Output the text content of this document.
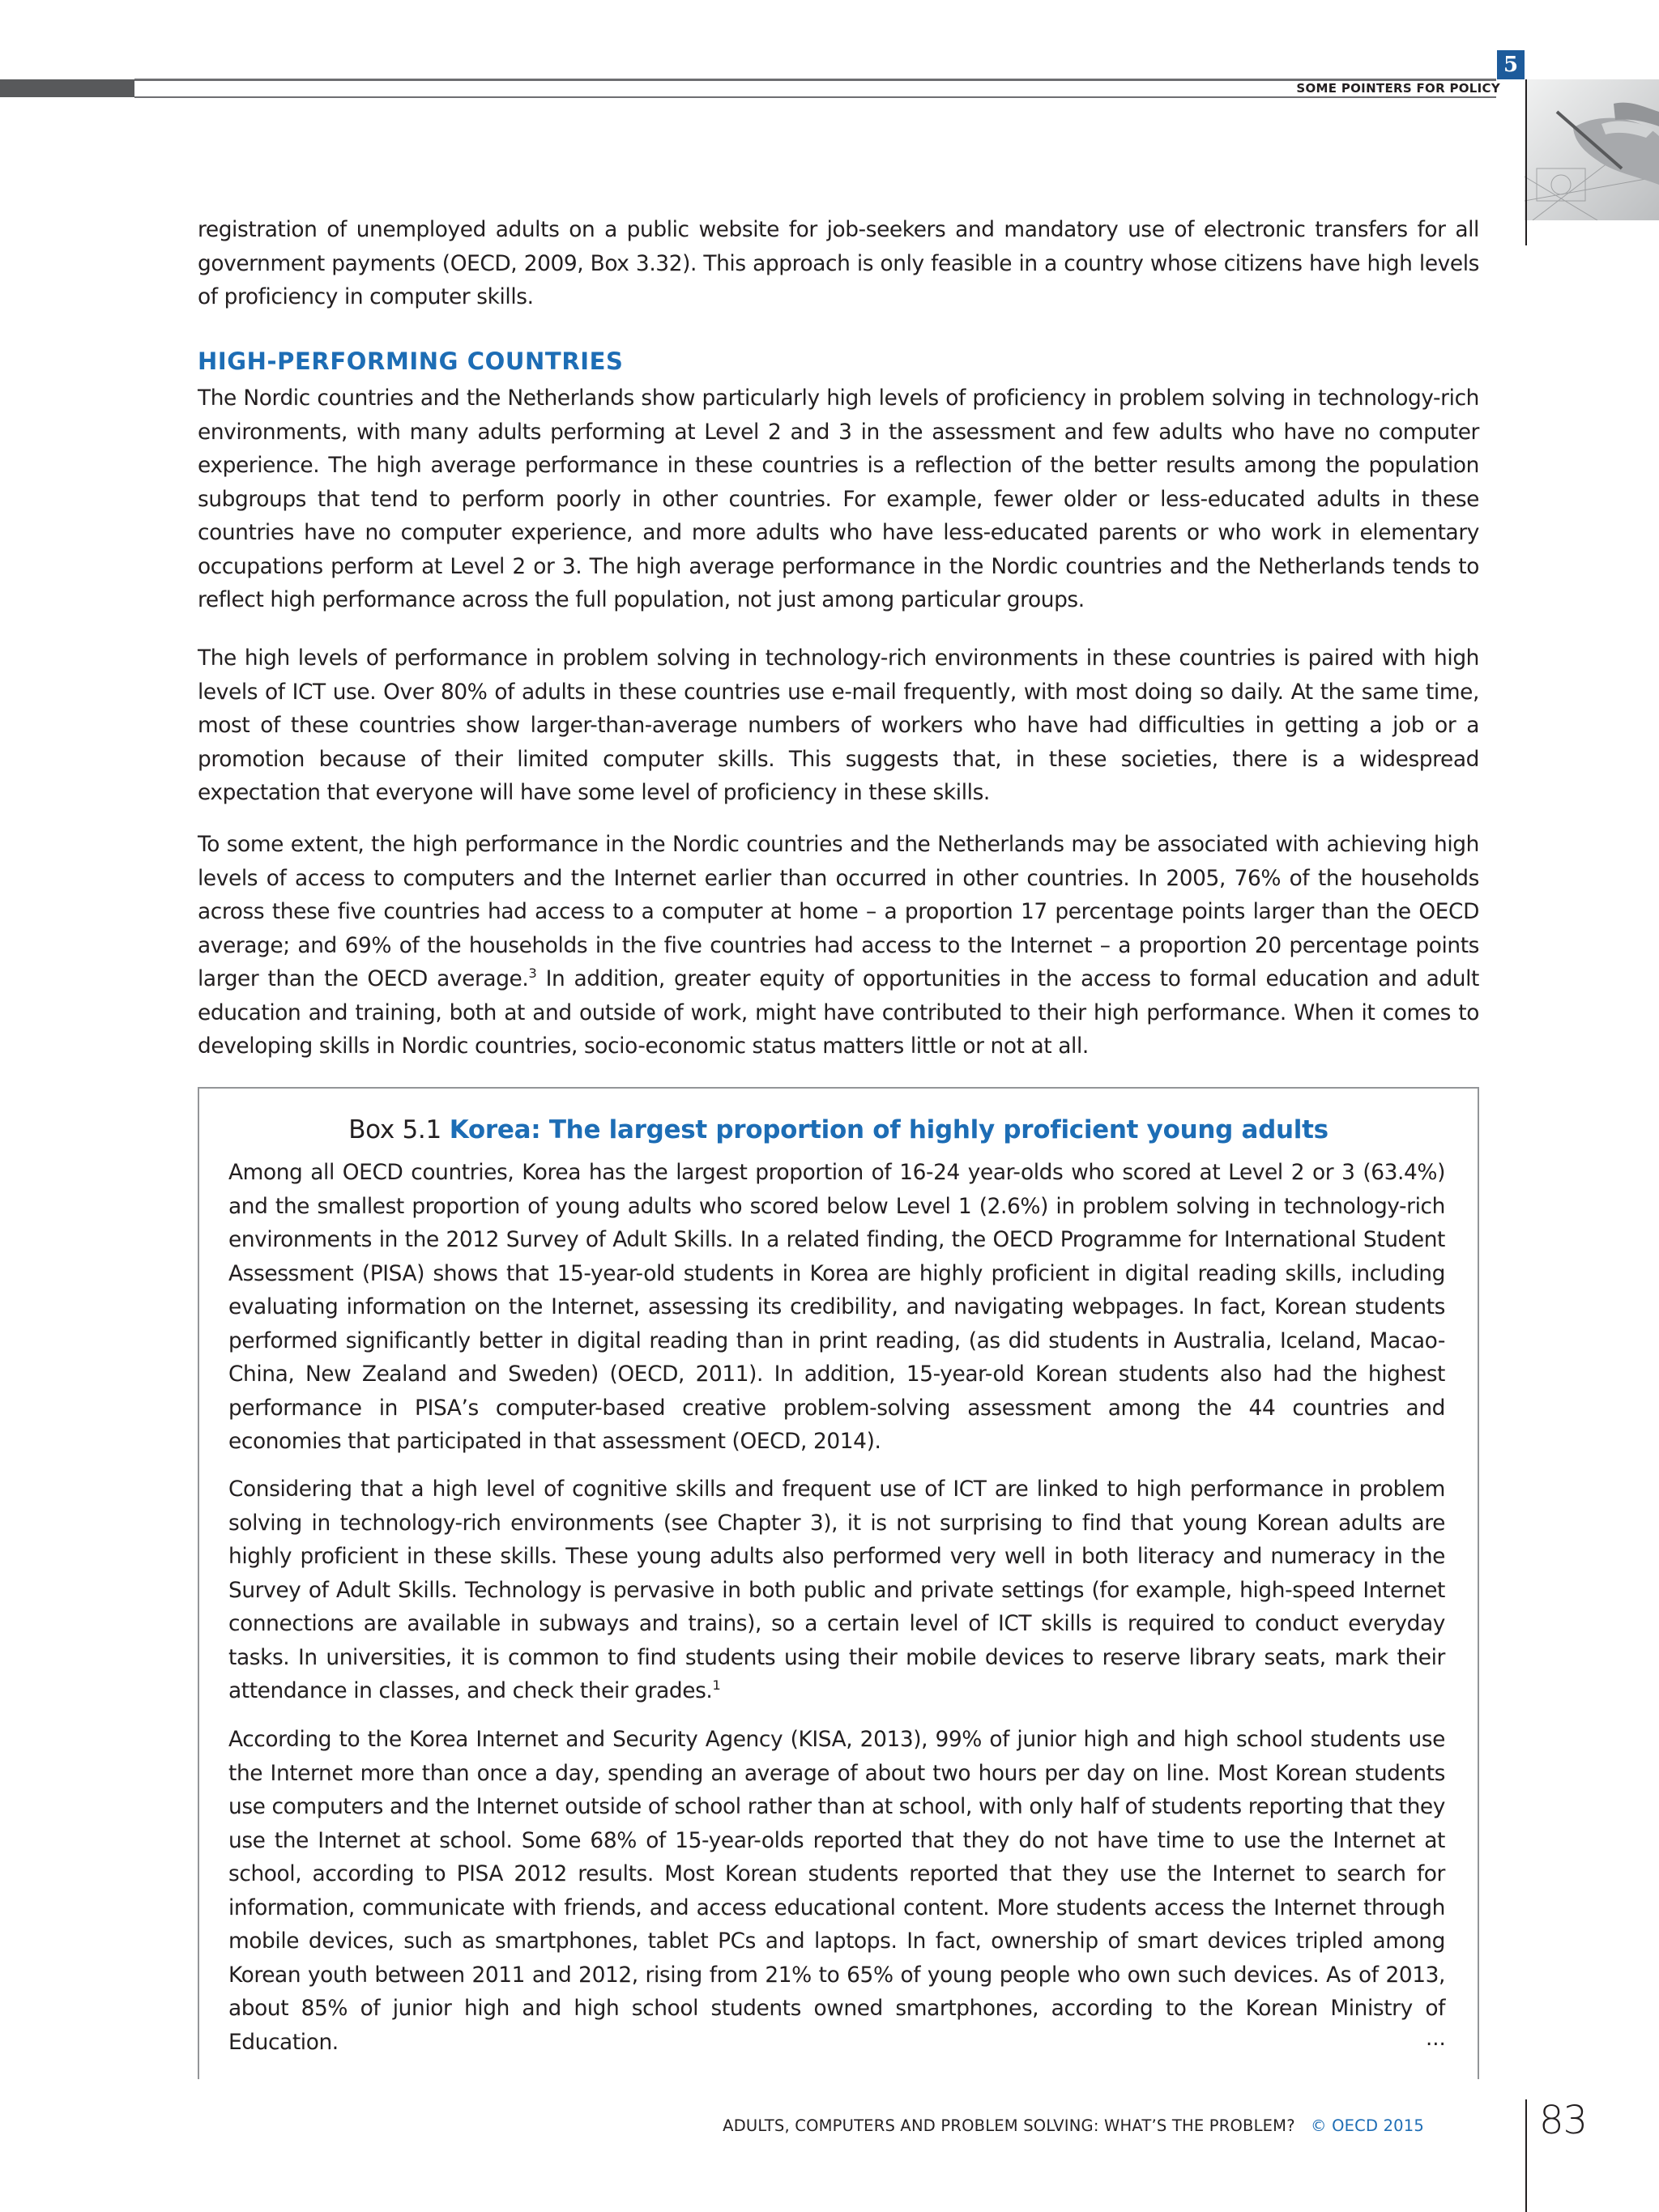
5
SOME POINTERS FOR POLICY

registration of unemployed adults on a public website for job-seekers and mandatory use of electronic transfers for all government payments (OECD, 2009, Box 3.32). This approach is only feasible in a country whose citizens have high levels of proficiency in computer skills.

HIGH-PERFORMING COUNTRIES

The Nordic countries and the Netherlands show particularly high levels of proficiency in problem solving in technology-rich environments, with many adults performing at Level 2 and 3 in the assessment and few adults who have no computer experience. The high average performance in these countries is a reflection of the better results among the population subgroups that tend to perform poorly in other countries. For example, fewer older or less-educated adults in these countries have no computer experience, and more adults who have less-educated parents or who work in elementary occupations perform at Level 2 or 3. The high average performance in the Nordic countries and the Netherlands tends to reflect high performance across the full population, not just among particular groups.

The high levels of performance in problem solving in technology-rich environments in these countries is paired with high levels of ICT use. Over 80% of adults in these countries use e-mail frequently, with most doing so daily. At the same time, most of these countries show larger-than-average numbers of workers who have had difficulties in getting a job or a promotion because of their limited computer skills. This suggests that, in these societies, there is a widespread expectation that everyone will have some level of proficiency in these skills.

To some extent, the high performance in the Nordic countries and the Netherlands may be associated with achieving high levels of access to computers and the Internet earlier than occurred in other countries. In 2005, 76% of the households across these five countries had access to a computer at home – a proportion 17 percentage points larger than the OECD average; and 69% of the households in the five countries had access to the Internet – a proportion 20 percentage points larger than the OECD average.$^3$ In addition, greater equity of opportunities in the access to formal education and adult education and training, both at and outside of work, might have contributed to their high performance. When it comes to developing skills in Nordic countries, socio-economic status matters little or not at all.

Box 5.1 Korea: The largest proportion of highly proficient young adults

Among all OECD countries, Korea has the largest proportion of 16-24 year-olds who scored at Level 2 or 3 (63.4%) and the smallest proportion of young adults who scored below Level 1 (2.6%) in problem solving in technology-rich environments in the 2012 Survey of Adult Skills. In a related finding, the OECD Programme for International Student Assessment (PISA) shows that 15-year-old students in Korea are highly proficient in digital reading skills, including evaluating information on the Internet, assessing its credibility, and navigating webpages. In fact, Korean students performed significantly better in digital reading than in print reading, (as did students in Australia, Iceland, Macao-China, New Zealand and Sweden) (OECD, 2011). In addition, 15-year-old Korean students also had the highest performance in PISA’s computer-based creative problem-solving assessment among the 44 countries and economies that participated in that assessment (OECD, 2014).

Considering that a high level of cognitive skills and frequent use of ICT are linked to high performance in problem solving in technology-rich environments (see Chapter 3), it is not surprising to find that young Korean adults are highly proficient in these skills. These young adults also performed very well in both literacy and numeracy in the Survey of Adult Skills. Technology is pervasive in both public and private settings (for example, high-speed Internet connections are available in subways and trains), so a certain level of ICT skills is required to conduct everyday tasks. In universities, it is common to find students using their mobile devices to reserve library seats, mark their attendance in classes, and check their grades.$^1$

According to the Korea Internet and Security Agency (KISA, 2013), 99% of junior high and high school students use the Internet more than once a day, spending an average of about two hours per day on line. Most Korean students use computers and the Internet outside of school rather than at school, with only half of students reporting that they use the Internet at school. Some 68% of 15-year-olds reported that they do not have time to use the Internet at school, according to PISA 2012 results. Most Korean students reported that they use the Internet to search for information, communicate with friends, and access educational content. More students access the Internet through mobile devices, such as smartphones, tablet PCs and laptops. In fact, ownership of smart devices tripled among Korean youth between 2011 and 2012, rising from 21% to 65% of young people who own such devices. As of 2013, about 85% of junior high and high school students owned smartphones, according to the Korean Ministry of Education.	...
ADULTS, COMPUTERS AND PROBLEM SOLVING: WHAT’S THE PROBLEM? © OECD 2015	83
